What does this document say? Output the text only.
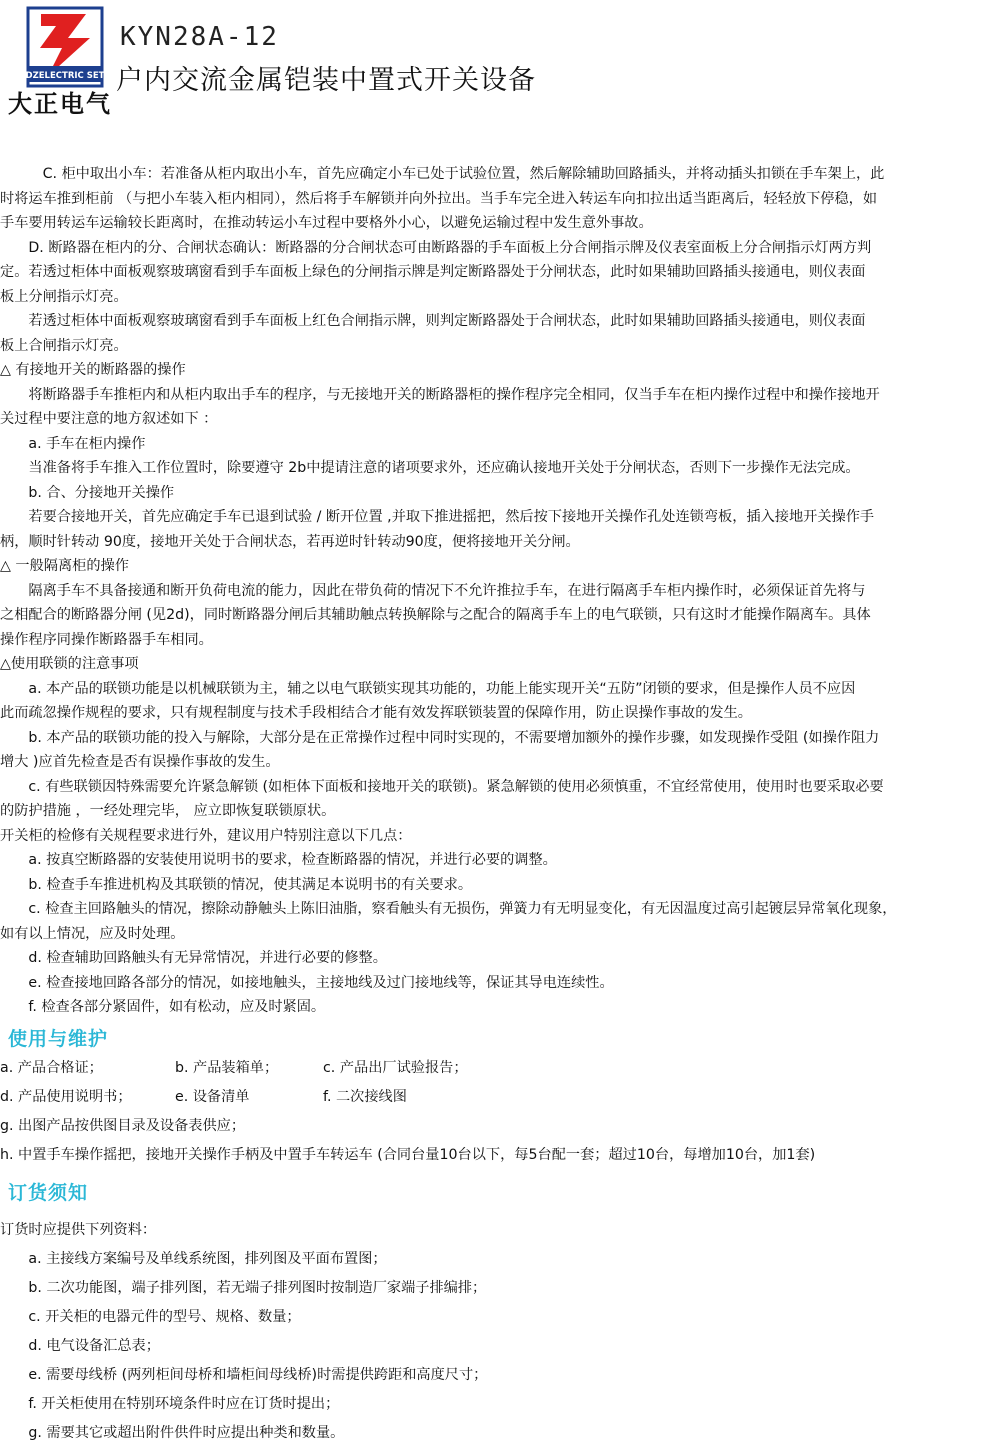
DZELECTRIC SET
大正电气
KYN28A-12
户内交流金属铠装中置式开关设备
　　　C. 柜中取出小车：若准备从柜内取出小车，首先应确定小车已处于试验位置，然后解除辅助回路插头，并将动插头扣锁在手车架上，此
时将运车推到柜前 （与把小车装入柜内相同），然后将手车解锁并向外拉出。当手车完全进入转运车向扣拉出适当距离后，轻轻放下停稳，如
手车要用转运车运输较长距离时，在推动转运小车过程中要格外小心，以避免运输过程中发生意外事故。
　　D. 断路器在柜内的分、合闸状态确认：断路器的分合闸状态可由断路器的手车面板上分合闸指示牌及仪表室面板上分合闸指示灯两方判
定。若透过柜体中面板观察玻璃窗看到手车面板上绿色的分闸指示牌是判定断路器处于分闸状态，此时如果辅助回路插头接通电，则仪表面
板上分闸指示灯亮。
　　若透过柜体中面板观察玻璃窗看到手车面板上红色合闸指示牌，则判定断路器处于合闸状态，此时如果辅助回路插头接通电，则仪表面
板上合闸指示灯亮。
△ 有接地开关的断路器的操作
　　将断路器手车推柜内和从柜内取出手车的程序，与无接地开关的断路器柜的操作程序完全相同，仅当手车在柜内操作过程中和操作接地开
关过程中要注意的地方叙述如下 ：
　　a. 手车在柜内操作
　　当准备将手车推入工作位置时，除要遵守 2b中提请注意的诸项要求外，还应确认接地开关处于分闸状态，否则下一步操作无法完成。
　　b. 合、分接地开关操作
　　若要合接地开关，首先应确定手车已退到试验 / 断开位置 ,并取下推进摇把，然后按下接地开关操作孔处连锁弯板，插入接地开关操作手
柄，顺时针转动 90度，接地开关处于合闸状态，若再逆时针转动90度，便将接地开关分闸。
△ 一般隔离柜的操作
　　隔离手车不具备接通和断开负荷电流的能力，因此在带负荷的情况下不允许推拉手车，在进行隔离手车柜内操作时，必须保证首先将与
之相配合的断路器分闸 (见2d)，同时断路器分闸后其辅助触点转换解除与之配合的隔离手车上的电气联锁，只有这时才能操作隔离车。具体
操作程序同操作断路器手车相同。
△使用联锁的注意事项
　　a. 本产品的联锁功能是以机械联锁为主，辅之以电气联锁实现其功能的，功能上能实现开关“五防”闭锁的要求，但是操作人员不应因
此而疏忽操作规程的要求，只有规程制度与技术手段相结合才能有效发挥联锁装置的保障作用，防止误操作事故的发生。
　　b. 本产品的联锁功能的投入与解除，大部分是在正常操作过程中同时实现的，不需要增加额外的操作步骤，如发现操作受阻 (如操作阻力
增大 )应首先检查是否有误操作事故的发生。
　　c. 有些联锁因特殊需要允许紧急解锁 (如柜体下面板和接地开关的联锁)。紧急解锁的使用必须慎重，不宜经常使用，使用时也要采取必要
的防护措施 ，一经处理完毕， 应立即恢复联锁原状。
开关柜的检修有关规程要求进行外，建议用户特别注意以下几点：
　　a. 按真空断路器的安装使用说明书的要求，检查断路器的情况，并进行必要的调整。
　　b. 检查手车推进机构及其联锁的情况，使其满足本说明书的有关要求。
　　c. 检查主回路触头的情况，擦除动静触头上陈旧油脂，察看触头有无损伤，弹簧力有无明显变化，有无因温度过高引起镀层异常氧化现象，
如有以上情况，应及时处理。
　　d. 检查辅助回路触头有无异常情况，并进行必要的修整。
　　e. 检查接地回路各部分的情况，如接地触头，主接地线及过门接地线等，保证其导电连续性。
　　f. 检查各部分紧固件，如有松动，应及时紧固。
使用与维护
a. 产品合格证；	b. 产品装箱单；	c. 产品出厂试验报告；
d. 产品使用说明书；	e. 设备清单	f. 二次接线图
g. 出图产品按供图目录及设备表供应；
h. 中置手车操作摇把，接地开关操作手柄及中置手车转运车 (合同台量10台以下，每5台配一套；超过10台，每增加10台，加1套)
订货须知
订货时应提供下列资料：
　　a. 主接线方案编号及单线系统图，排列图及平面布置图；
　　b. 二次功能图，端子排列图，若无端子排列图时按制造厂家端子排编排；
　　c. 开关柜的电器元件的型号、规格、数量；
　　d. 电气设备汇总表；
　　e. 需要母线桥 (两列柜间母桥和墙柜间母线桥)时需提供跨距和高度尺寸；
　　f. 开关柜使用在特别环境条件时应在订货时提出；
　　g. 需要其它或超出附件供件时应提出种类和数量。
